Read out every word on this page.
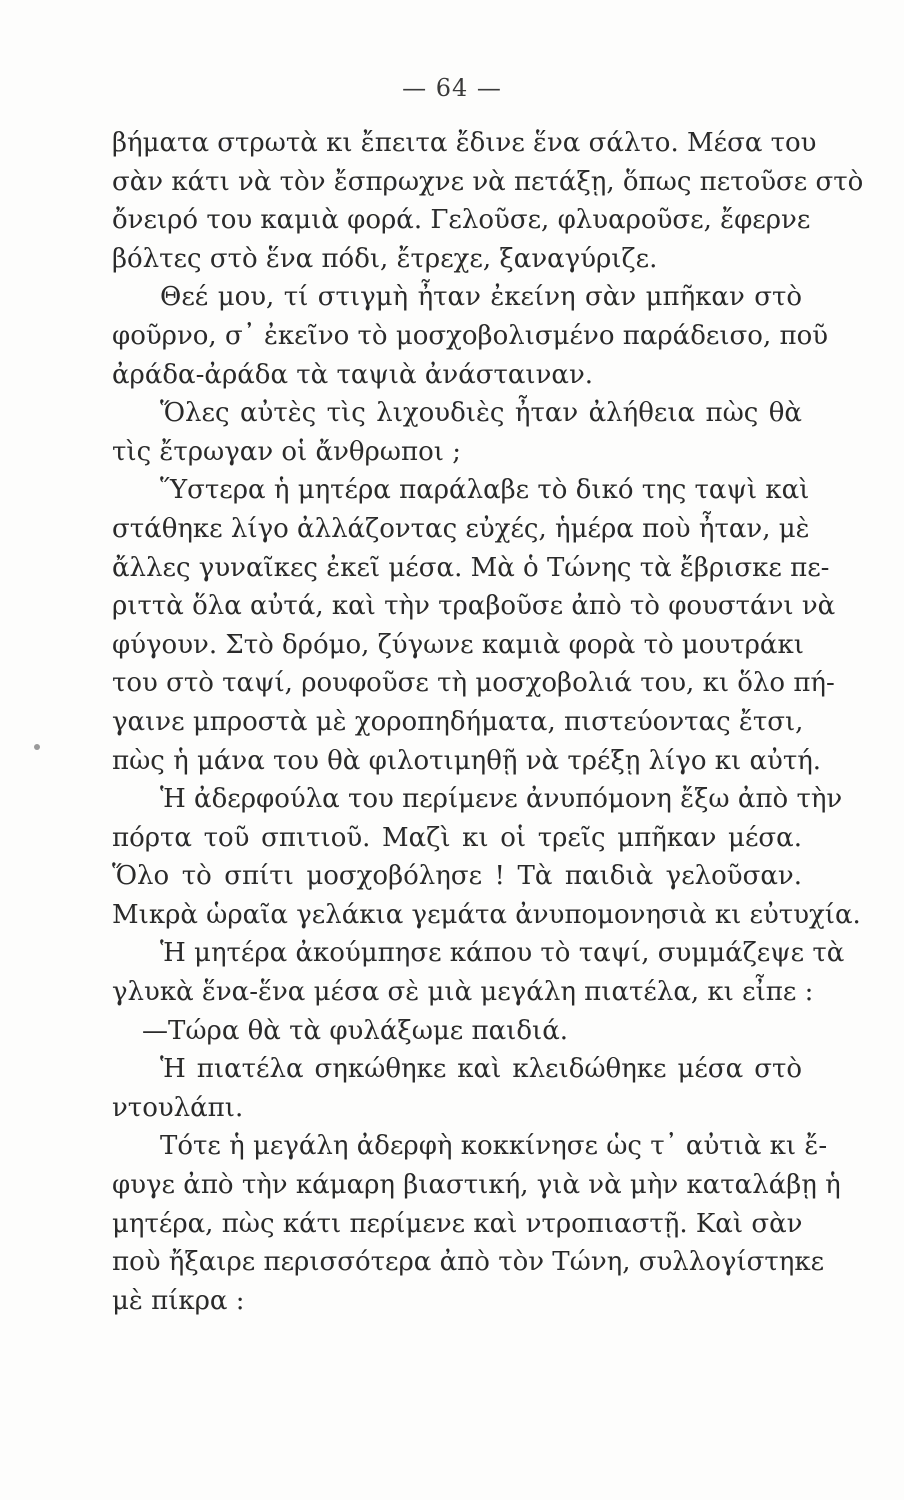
— 64 —
βήματα στρωτὰ κι ἔπειτα ἔδινε ἕνα σάλτο. Μέσα του
σὰν κάτι νὰ τὸν ἔσπρωχνε νὰ πετάξῃ, ὅπως πετοῦσε στὸ
ὄνειρό του καμιὰ φορά. Γελοῦσε, φλυαροῦσε, ἔφερνε
βόλτες στὸ ἕνα πόδι, ἔτρεχε, ξαναγύριζε.
Θεέ μου, τί στιγμὴ ἦταν ἐκείνη σὰν μπῆκαν στὸ
φοῦρνο, σ᾿ ἐκεῖνο τὸ μοσχοβολισμένο παράδεισο, ποῦ
ἀράδα-ἀράδα τὰ ταψιὰ ἀνάσταιναν.
Ὅλες αὐτὲς τὶς λιχουδιὲς ἦταν ἀλήθεια πὼς θὰ
τὶς ἔτρωγαν οἱ ἄνθρωποι ;
Ὕστερα ἡ μητέρα παράλαβε τὸ δικό της ταψὶ καὶ
στάθηκε λίγο ἀλλάζοντας εὐχές, ἡμέρα ποὺ ἦταν, μὲ
ἄλλες γυναῖκες ἐκεῖ μέσα. Μὰ ὁ Τώνης τὰ ἔβρισκε πε-
ριττὰ ὅλα αὐτά, καὶ τὴν τραβοῦσε ἀπὸ τὸ φουστάνι νὰ
φύγουν. Στὸ δρόμο, ζύγωνε καμιὰ φορὰ τὸ μουτράκι
του στὸ ταψί, ρουφοῦσε τὴ μοσχοβολιά του, κι ὅλο πή-
γαινε μπροστὰ μὲ χοροπηδήματα, πιστεύοντας ἔτσι,
πὼς ἡ μάνα του θὰ φιλοτιμηθῇ νὰ τρέξῃ λίγο κι αὐτή.
Ἡ ἀδερφούλα του περίμενε ἀνυπόμονη ἔξω ἀπὸ τὴν
πόρτα τοῦ σπιτιοῦ. Μαζὶ κι οἱ τρεῖς μπῆκαν μέσα.
Ὅλο τὸ σπίτι μοσχοβόλησε ! Τὰ παιδιὰ γελοῦσαν.
Μικρὰ ὡραῖα γελάκια γεμάτα ἀνυπομονησιὰ κι εὐτυχία.
Ἡ μητέρα ἀκούμπησε κάπου τὸ ταψί, συμμάζεψε τὰ
γλυκὰ ἕνα-ἕνα μέσα σὲ μιὰ μεγάλη πιατέλα, κι εἶπε :
—Τώρα θὰ τὰ φυλάξωμε παιδιά.
Ἡ πιατέλα σηκώθηκε καὶ κλειδώθηκε μέσα στὸ
ντουλάπι.
Τότε ἡ μεγάλη ἀδερφὴ κοκκίνησε ὡς τ᾿ αὐτιὰ κι ἔ-
φυγε ἀπὸ τὴν κάμαρη βιαστική, γιὰ νὰ μὴν καταλάβῃ ἡ
μητέρα, πὼς κάτι περίμενε καὶ ντροπιαστῇ. Καὶ σὰν
ποὺ ἤξαιρε περισσότερα ἀπὸ τὸν Τώνη, συλλογίστηκε
μὲ πίκρα :
